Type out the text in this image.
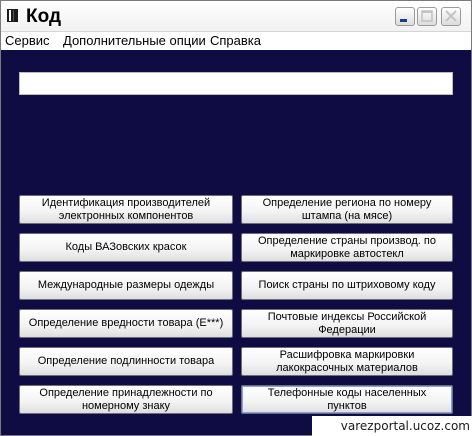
Код
Сервис Дополнительные опции Справка
Идентификация производителей электронных компонентов
Коды ВАЗовских красок
Международные размеры одежды
Определение вредности товара (Е***)
Определение подлинности товара
Определение принадлежности по номерному знаку
Определение региона по номеру штампа (на мясе)
Определение страны производ. по маркировке автостекл
Поиск страны по штриховому коду
Почтовые индексы Российской Федерации
Расшифровка маркировки лакокрасочных материалов
Телефонные коды населенных пунктов
varezportal.ucoz.com
